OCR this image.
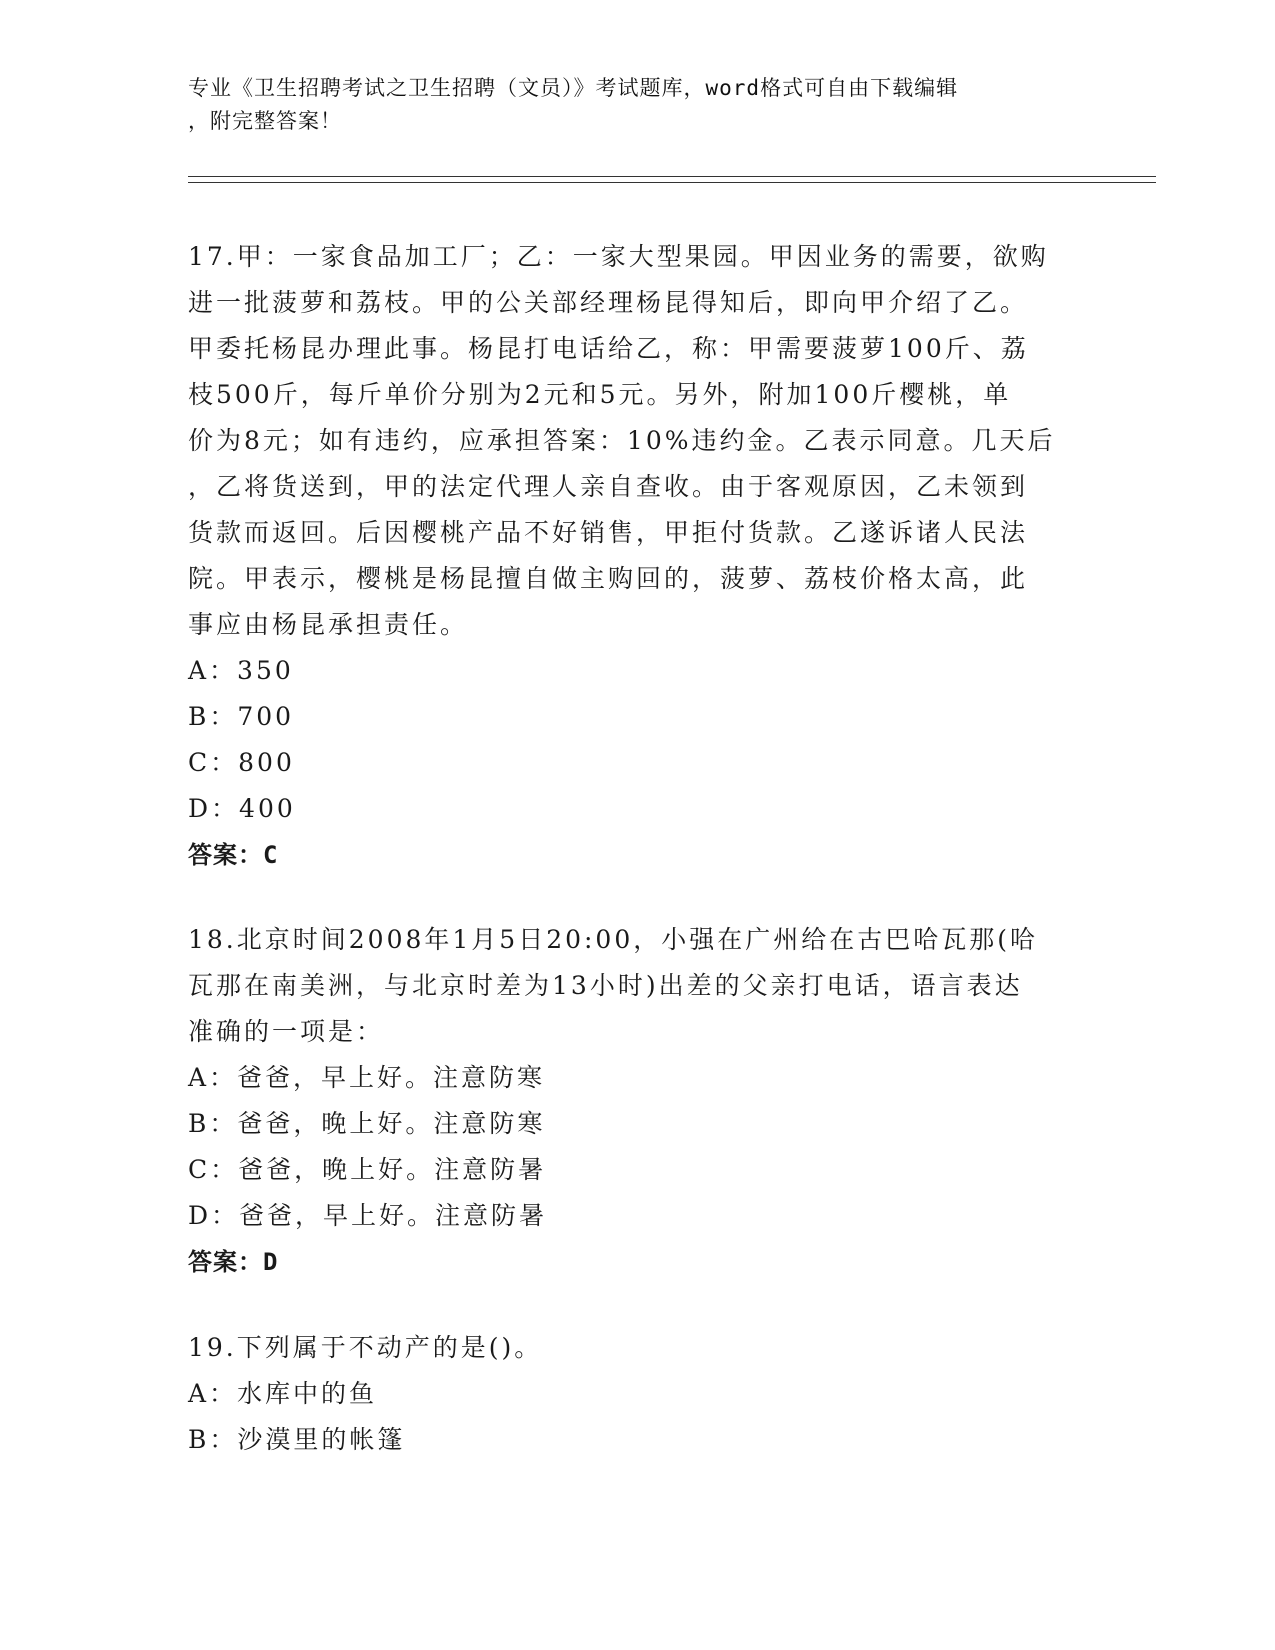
专业《卫生招聘考试之卫生招聘（文员）》考试题库，word格式可自由下载编辑
，附完整答案！
17.甲：一家食品加工厂；乙：一家大型果园。甲因业务的需要，欲购
进一批菠萝和荔枝。甲的公关部经理杨昆得知后，即向甲介绍了乙。
甲委托杨昆办理此事。杨昆打电话给乙，称：甲需要菠萝100斤、荔
枝500斤，每斤单价分别为2元和5元。另外，附加100斤樱桃，单
价为8元；如有违约，应承担答案：10%违约金。乙表示同意。几天后
，乙将货送到，甲的法定代理人亲自查收。由于客观原因，乙未领到
货款而返回。后因樱桃产品不好销售，甲拒付货款。乙遂诉诸人民法
院。甲表示，樱桃是杨昆擅自做主购回的，菠萝、荔枝价格太高，此
事应由杨昆承担责任。
A：350
B：700
C：800
D：400
答案：C
18.北京时间2008年1月5日20:00，小强在广州给在古巴哈瓦那(哈
瓦那在南美洲，与北京时差为13小时)出差的父亲打电话，语言表达
准确的一项是：
A：爸爸，早上好。注意防寒
B：爸爸，晚上好。注意防寒
C：爸爸，晚上好。注意防暑
D：爸爸，早上好。注意防暑
答案：D
19.下列属于不动产的是()。
A：水库中的鱼
B：沙漠里的帐篷
